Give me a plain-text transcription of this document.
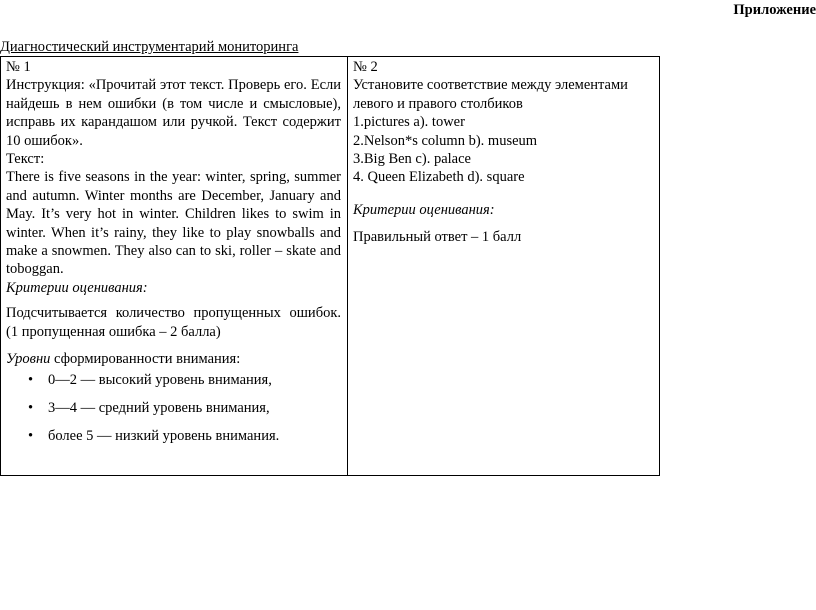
Приложение
Диагностический инструментарий мониторинга
№ 1
Инструкция: «Прочитай этот текст. Проверь его. Если найдешь в нем ошибки (в том числе и смысловые), исправь их карандашом или ручкой. Текст содержит 10 ошибок».
Текст:
There is five seasons in the year: winter, spring, summer and autumn. Winter months are December, January and May. It’s very hot in winter. Children likes to swim in winter. When it’s rainy, they like to play snowballs and make a snowmen. They also can to ski, roller – skate and toboggan.
Критерии оценивания:
Подсчитывается количество пропущенных ошибок. (1 пропущенная ошибка – 2 балла)
Уровни сформированности внимания:
• 0—2 — высокий уровень внимания,
• 3—4 — средний уровень внимания,
• более 5 — низкий уровень внимания.

№ 2
Установите соответствие между элементами левого и правого столбиков
1.pictures a). tower
2.Nelson*s column b). museum
3.Big Ben c). palace
4. Queen Elizabeth d). square
Критерии оценивания:
Правильный ответ – 1 балл
